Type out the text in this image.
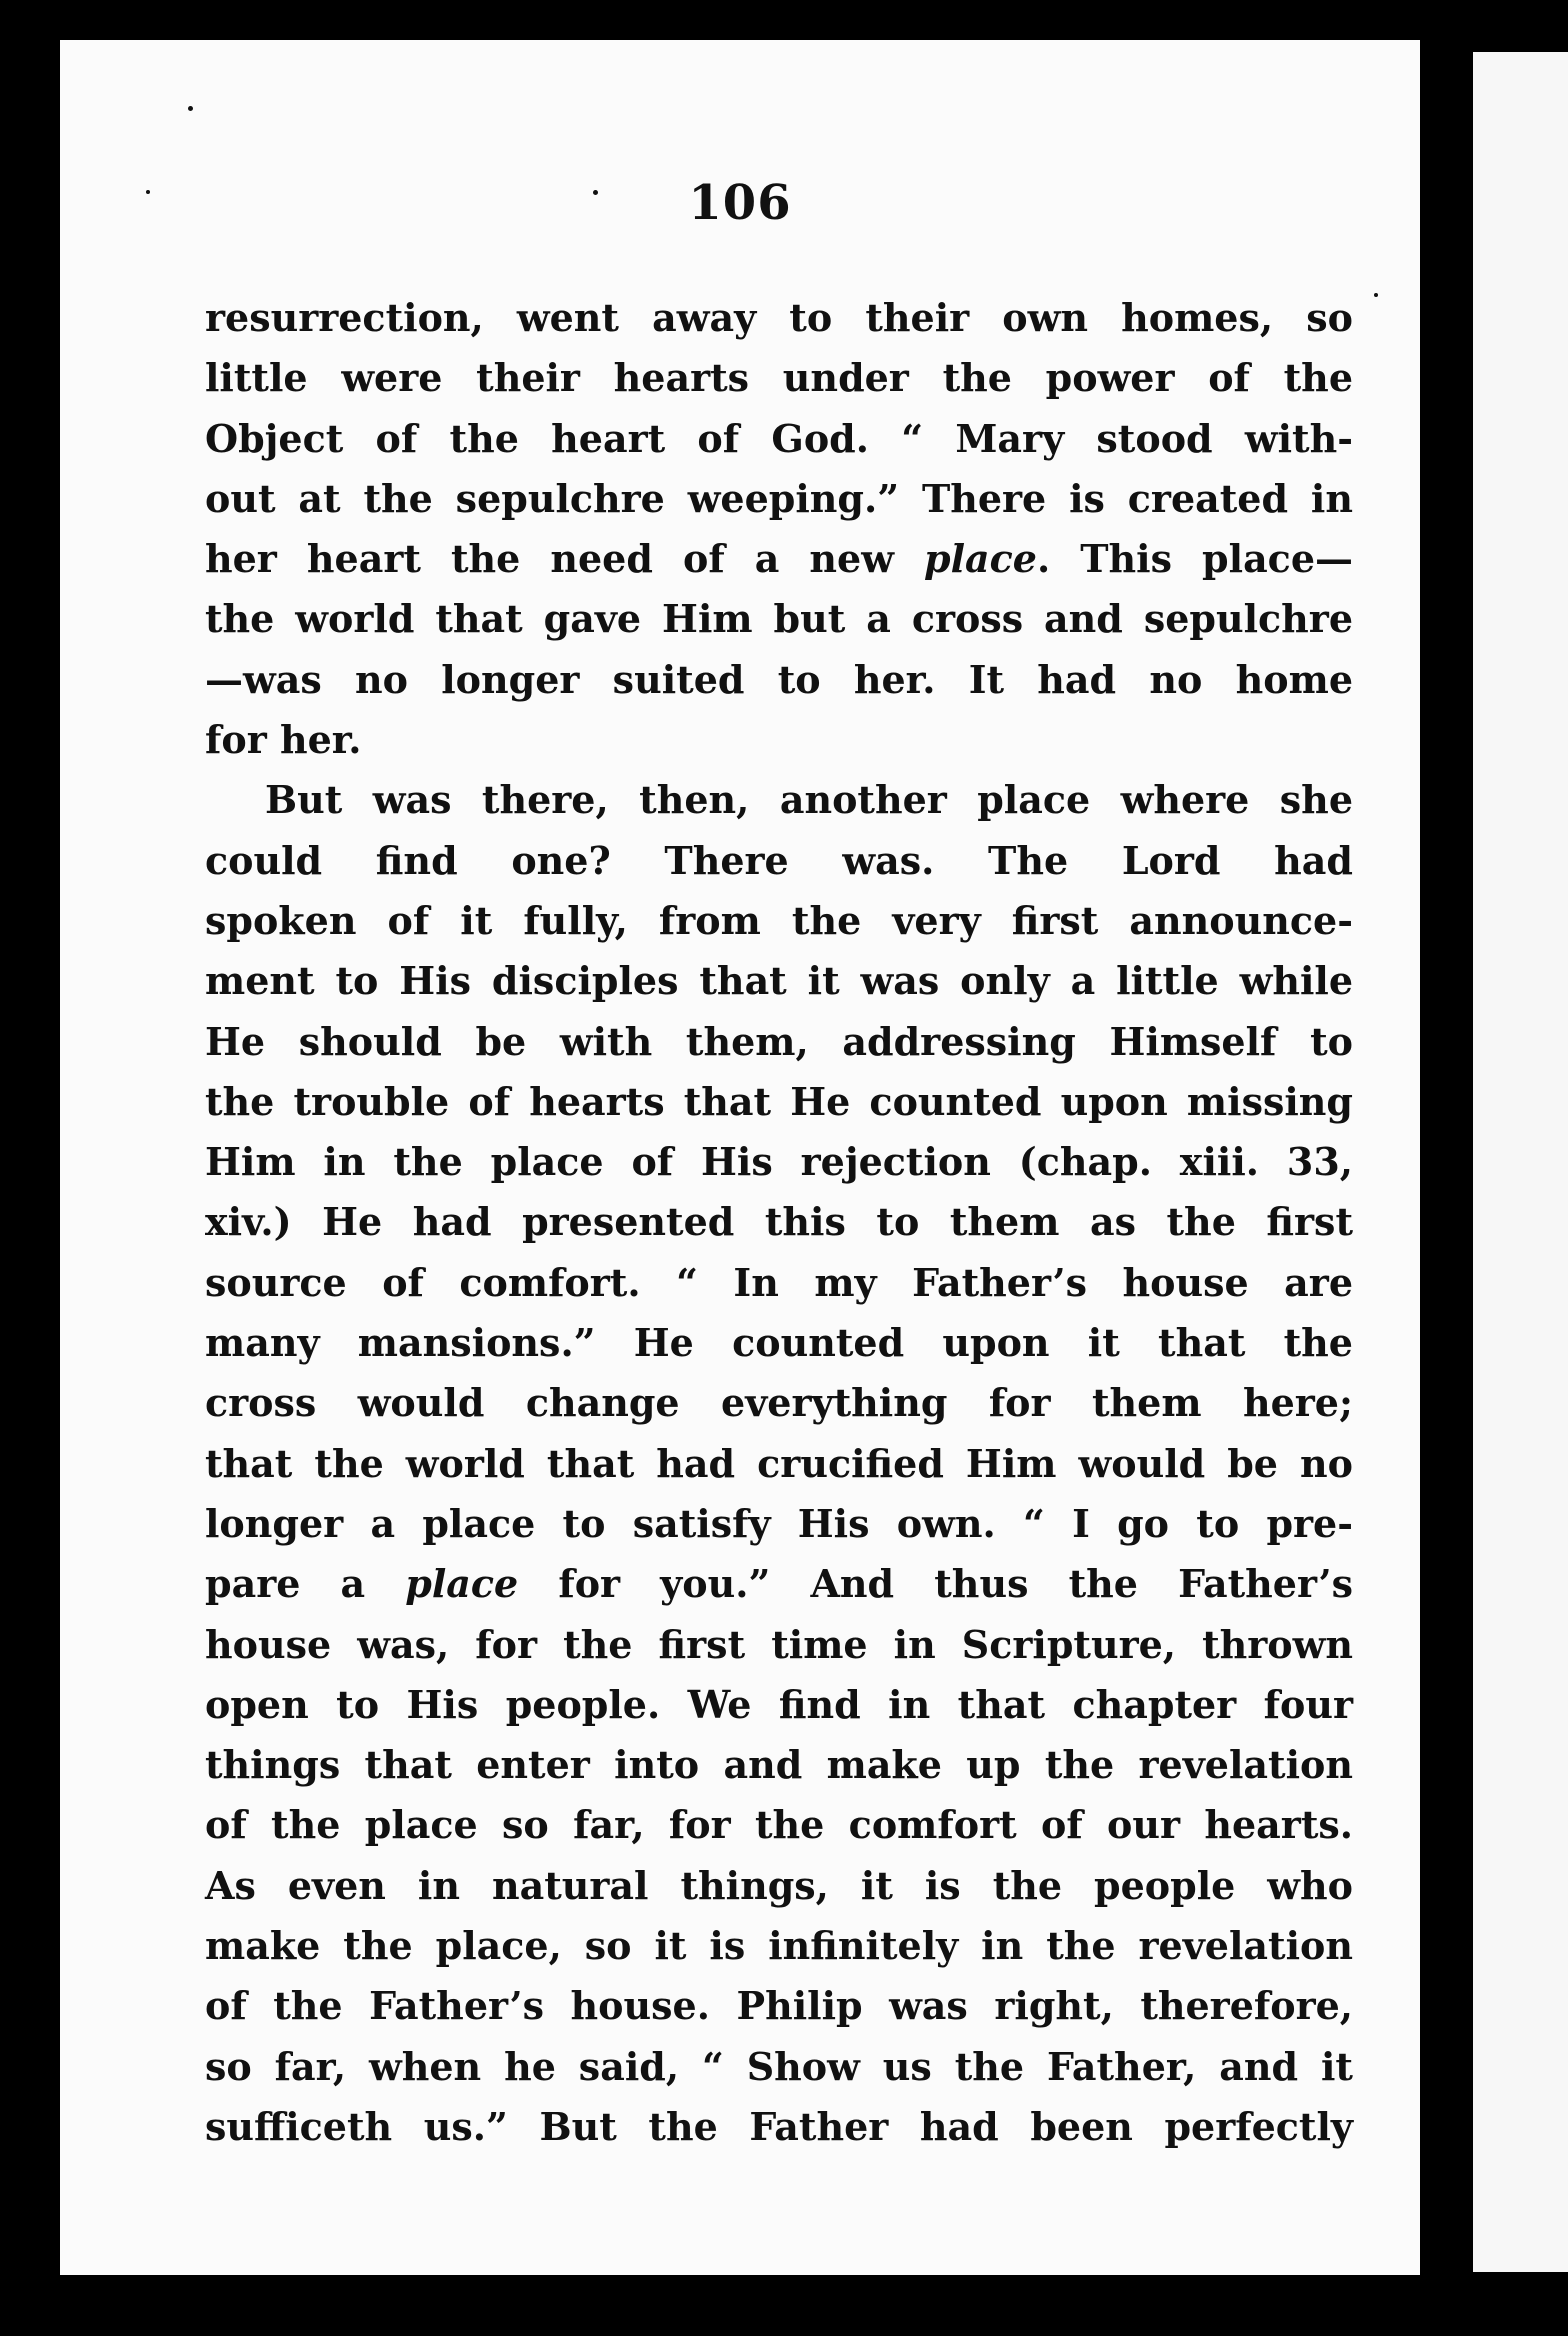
106
resurrection, went away to their own homes, so
little were their hearts under the power of the
Object of the heart of God. “ Mary stood with-
out at the sepulchre weeping.” There is created in
her heart the need of a new place. This place—
the world that gave Him but a cross and sepulchre
—was no longer suited to her. It had no home
for her.
But was there, then, another place where she
could find one? There was. The Lord had
spoken of it fully, from the very first announce-
ment to His disciples that it was only a little while
He should be with them, addressing Himself to
the trouble of hearts that He counted upon missing
Him in the place of His rejection (chap. xiii. 33,
xiv.) He had presented this to them as the first
source of comfort. “ In my Father’s house are
many mansions.” He counted upon it that the
cross would change everything for them here;
that the world that had crucified Him would be no
longer a place to satisfy His own. “ I go to pre-
pare a place for you.” And thus the Father’s
house was, for the first time in Scripture, thrown
open to His people. We find in that chapter four
things that enter into and make up the revelation
of the place so far, for the comfort of our hearts.
As even in natural things, it is the people who
make the place, so it is infinitely in the revelation
of the Father’s house. Philip was right, therefore,
so far, when he said, “ Show us the Father, and it
sufficeth us.” But the Father had been perfectly
